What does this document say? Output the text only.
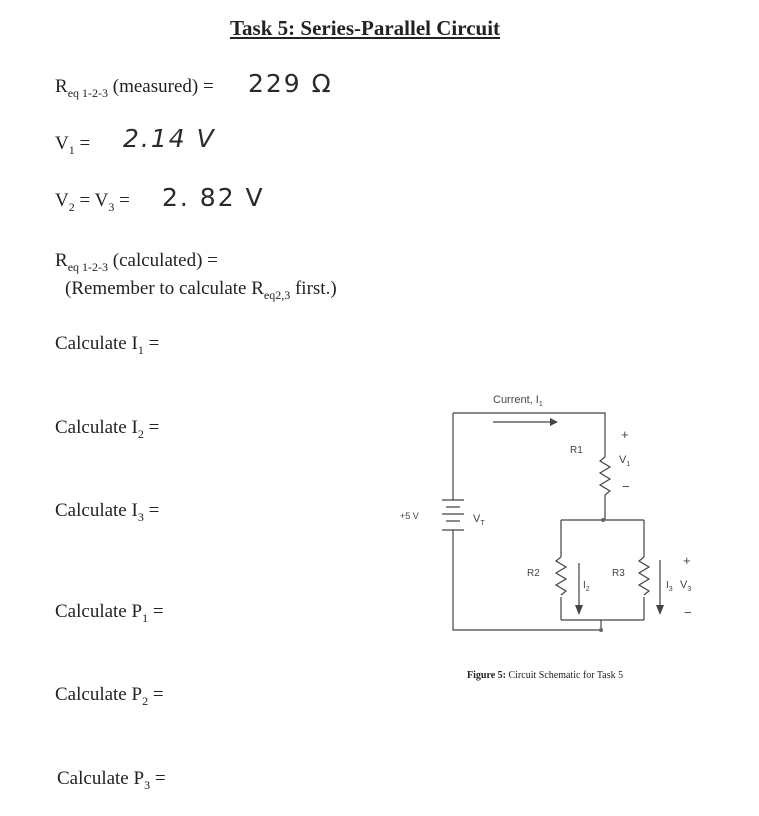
Task 5: Series-Parallel Circuit
$R_{eq 1-2-3}$ (measured) = 229 Ω
$V_1 = 2.14$ V
$V_2 = V_3 = 2$. 82 V
$R_{eq 1-2-3}$ (calculated) =
(Remember to calculate $R_{eq2,3}$ first.)
Calculate $I_1$ =
Calculate $I_2$ =
Calculate $I_3$ =
Calculate $P_1$ =
Calculate $P_2$ =
Calculate $P_3$ =
Current, $I_1$
+5 V	$V_T$
R1
+
$V_1$
−
R2
$I_2$
R3
+
$I_3$ $V_3$
−
Figure 5: Circuit Schematic for Task 5
